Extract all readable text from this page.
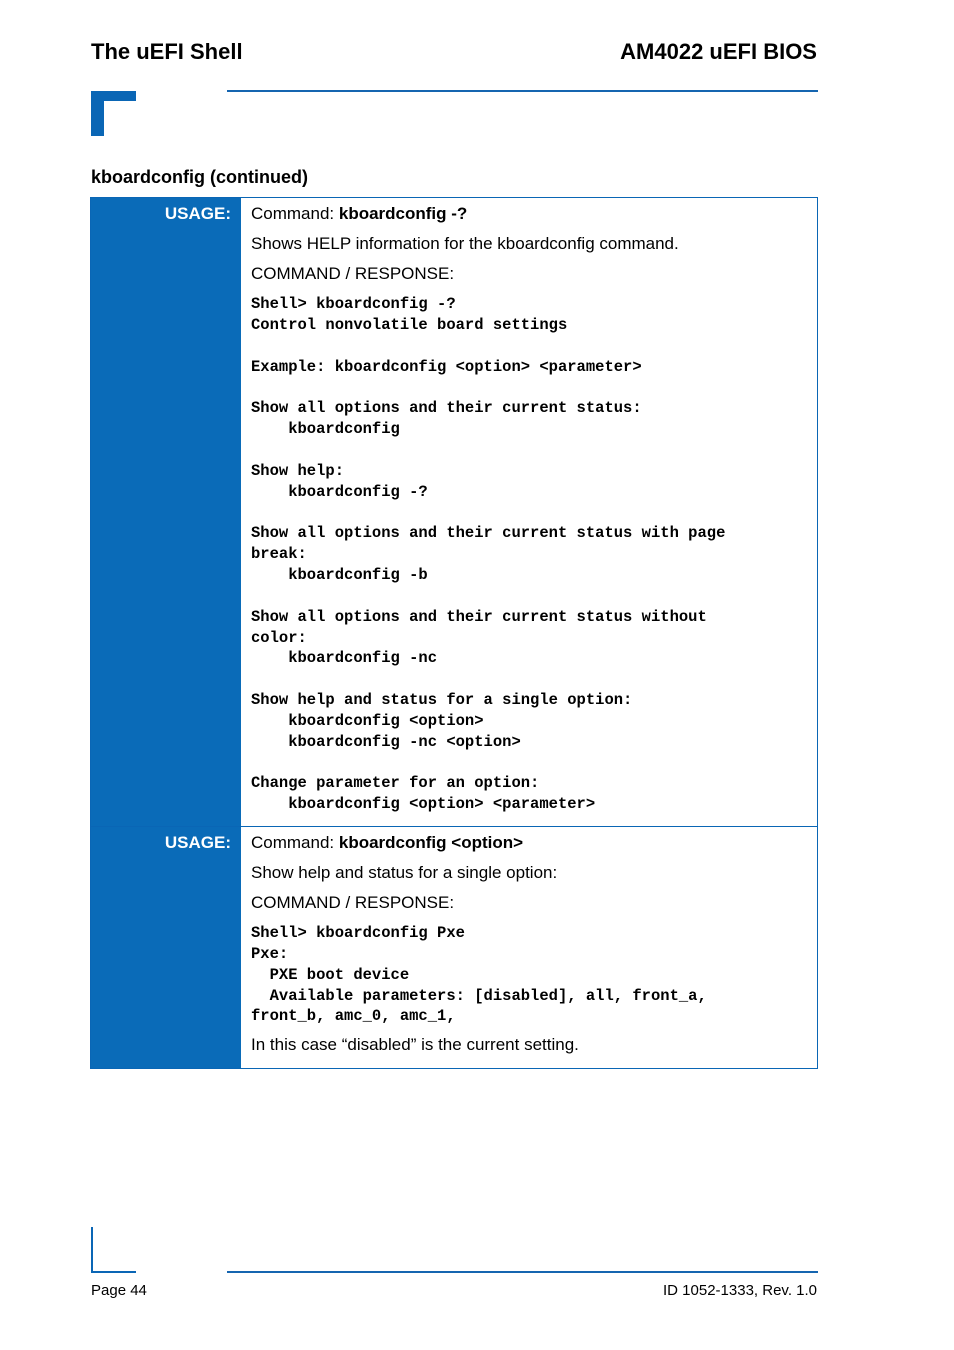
The uEFI Shell	AM4022 uEFI BIOS
kboardconfig (continued)
USAGE:	Command: kboardconfig -?

Shows HELP information for the kboardconfig command.

COMMAND / RESPONSE:

Shell> kboardconfig -?
Control nonvolatile board settings

Example: kboardconfig <option> <parameter>

Show all options and their current status:
kboardconfig

Show help:
kboardconfig -?

Show all options and their current status with page
break:
kboardconfig -b

Show all options and their current status without
color:
kboardconfig -nc

Show help and status for a single option:
kboardconfig <option>
kboardconfig -nc <option>

Change parameter for an option:
kboardconfig <option> <parameter>
USAGE:	Command: kboardconfig <option>

Show help and status for a single option:

COMMAND / RESPONSE:

Shell> kboardconfig Pxe
Pxe:
PXE boot device
Available parameters: [disabled], all, front_a,
front_b, amc_0, amc_1,

In this case “disabled” is the current setting.

Page 44	ID 1052-1333, Rev. 1.0
